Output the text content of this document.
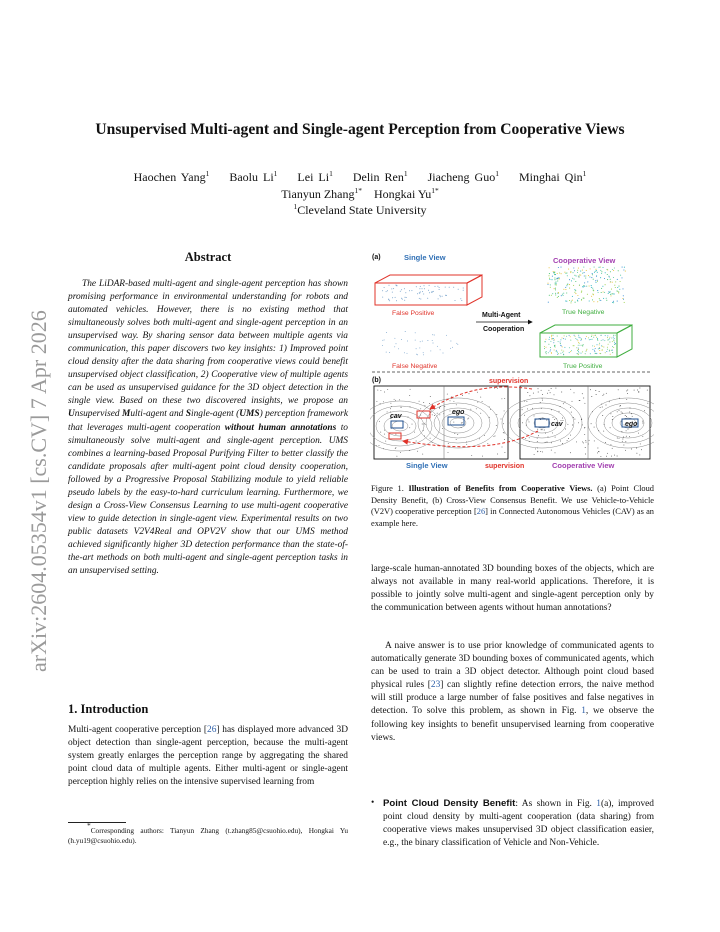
arXiv:2604.05354v1 [cs.CV] 7 Apr 2026
Unsupervised Multi-agent and Single-agent Perception from Cooperative Views
Haochen Yang$^1$ Baolu Li$^1$ Lei Li$^1$ Delin Ren$^1$ Jiacheng Guo$^1$ Minghai Qin$^1$
Tianyun Zhang$^{1*}$ Hongkai $Yu^{1*}$
$^1$Cleveland State University
Abstract

The LiDAR-based multi-agent and single-agent perception has shown promising performance in environmental understanding for robots and automated vehicles. However, there is no existing method that simultaneously solves both multi-agent and single-agent perception in an unsupervised way. By sharing sensor data between multiple agents via communication, this paper discovers two key insights: 1) Improved point cloud density after the data sharing from cooperative views could benefit unsupervised object classification, 2) Cooperative view of multiple agents can be used as unsupervised guidance for the 3D object detection in the single view. Based on these two discovered insights, we propose an Unsupervised Multi-agent and Single-agent (UMS) perception framework that leverages multi-agent cooperation without human annotations to simultaneously solve multi-agent and single-agent perception. UMS combines a learning-based Proposal Purifying Filter to better classify the candidate proposals after multi-agent point cloud density cooperation, followed by a Progressive Proposal Stabilizing module to yield reliable pseudo labels by the easy-to-hard curriculum learning. Furthermore, we design a Cross-View Consensus Learning to use multi-agent cooperative view to guide detection in single-agent view. Experimental results on two public datasets V2V4Real and OPV2V show that our UMS method achieved significantly higher 3D detection performance than the state-of-the-art methods on both multi-agent and single-agent perception tasks in an unsupervised setting.

1. Introduction

Multi-agent cooperative perception [26] has displayed more advanced 3D object detection than single-agent perception, because the multi-agent system greatly enlarges the perception range by aggregating the shared point cloud data of multiple agents. Either multi-agent or single-agent perception highly relies on the intensive supervised learning from

*Corresponding authors: Tianyun Zhang (t.zhang85@csuohio.edu), Hongkai Yu (h.yu19@csuohio.edu).

(a)	Single View	Cooperative View
False Positive
False Negative
Multi-Agent
Cooperation
True Negative
True Positive
(b)	supervision
cav
ego
cav	ego
Single View	supervision	Cooperative View

Figure 1. Illustration of Benefits from Cooperative Views. (a) Point Cloud Density Benefit, (b) Cross-View Consensus Benefit. We use Vehicle-to-Vehicle (V2V) cooperative perception [26] in Connected Autonomous Vehicles (CAV) as an example here.

large-scale human-annotated 3D bounding boxes of the objects, which are always not available in many real-world applications. Therefore, it is possible to jointly solve multi-agent and single-agent perception only by the communication between agents without human annotations?

A naive answer is to use prior knowledge of communicated agents to automatically generate 3D bounding boxes of communicated agents, which can be used to train a 3D object detector. Although point cloud based physical rules [23] can slightly refine detection errors, the naive method will still produce a large number of false positives and false negatives in detection. To solve this problem, as shown in Fig. 1, we observe the following key insights to benefit unsupervised learning from cooperative views.

• Point Cloud Density Benefit: As shown in Fig. 1(a), improved point cloud density by multi-agent cooperation (data sharing) from cooperative views makes unsupervised 3D object classification easier, e.g., the binary classification of Vehicle and Non-Vehicle.
